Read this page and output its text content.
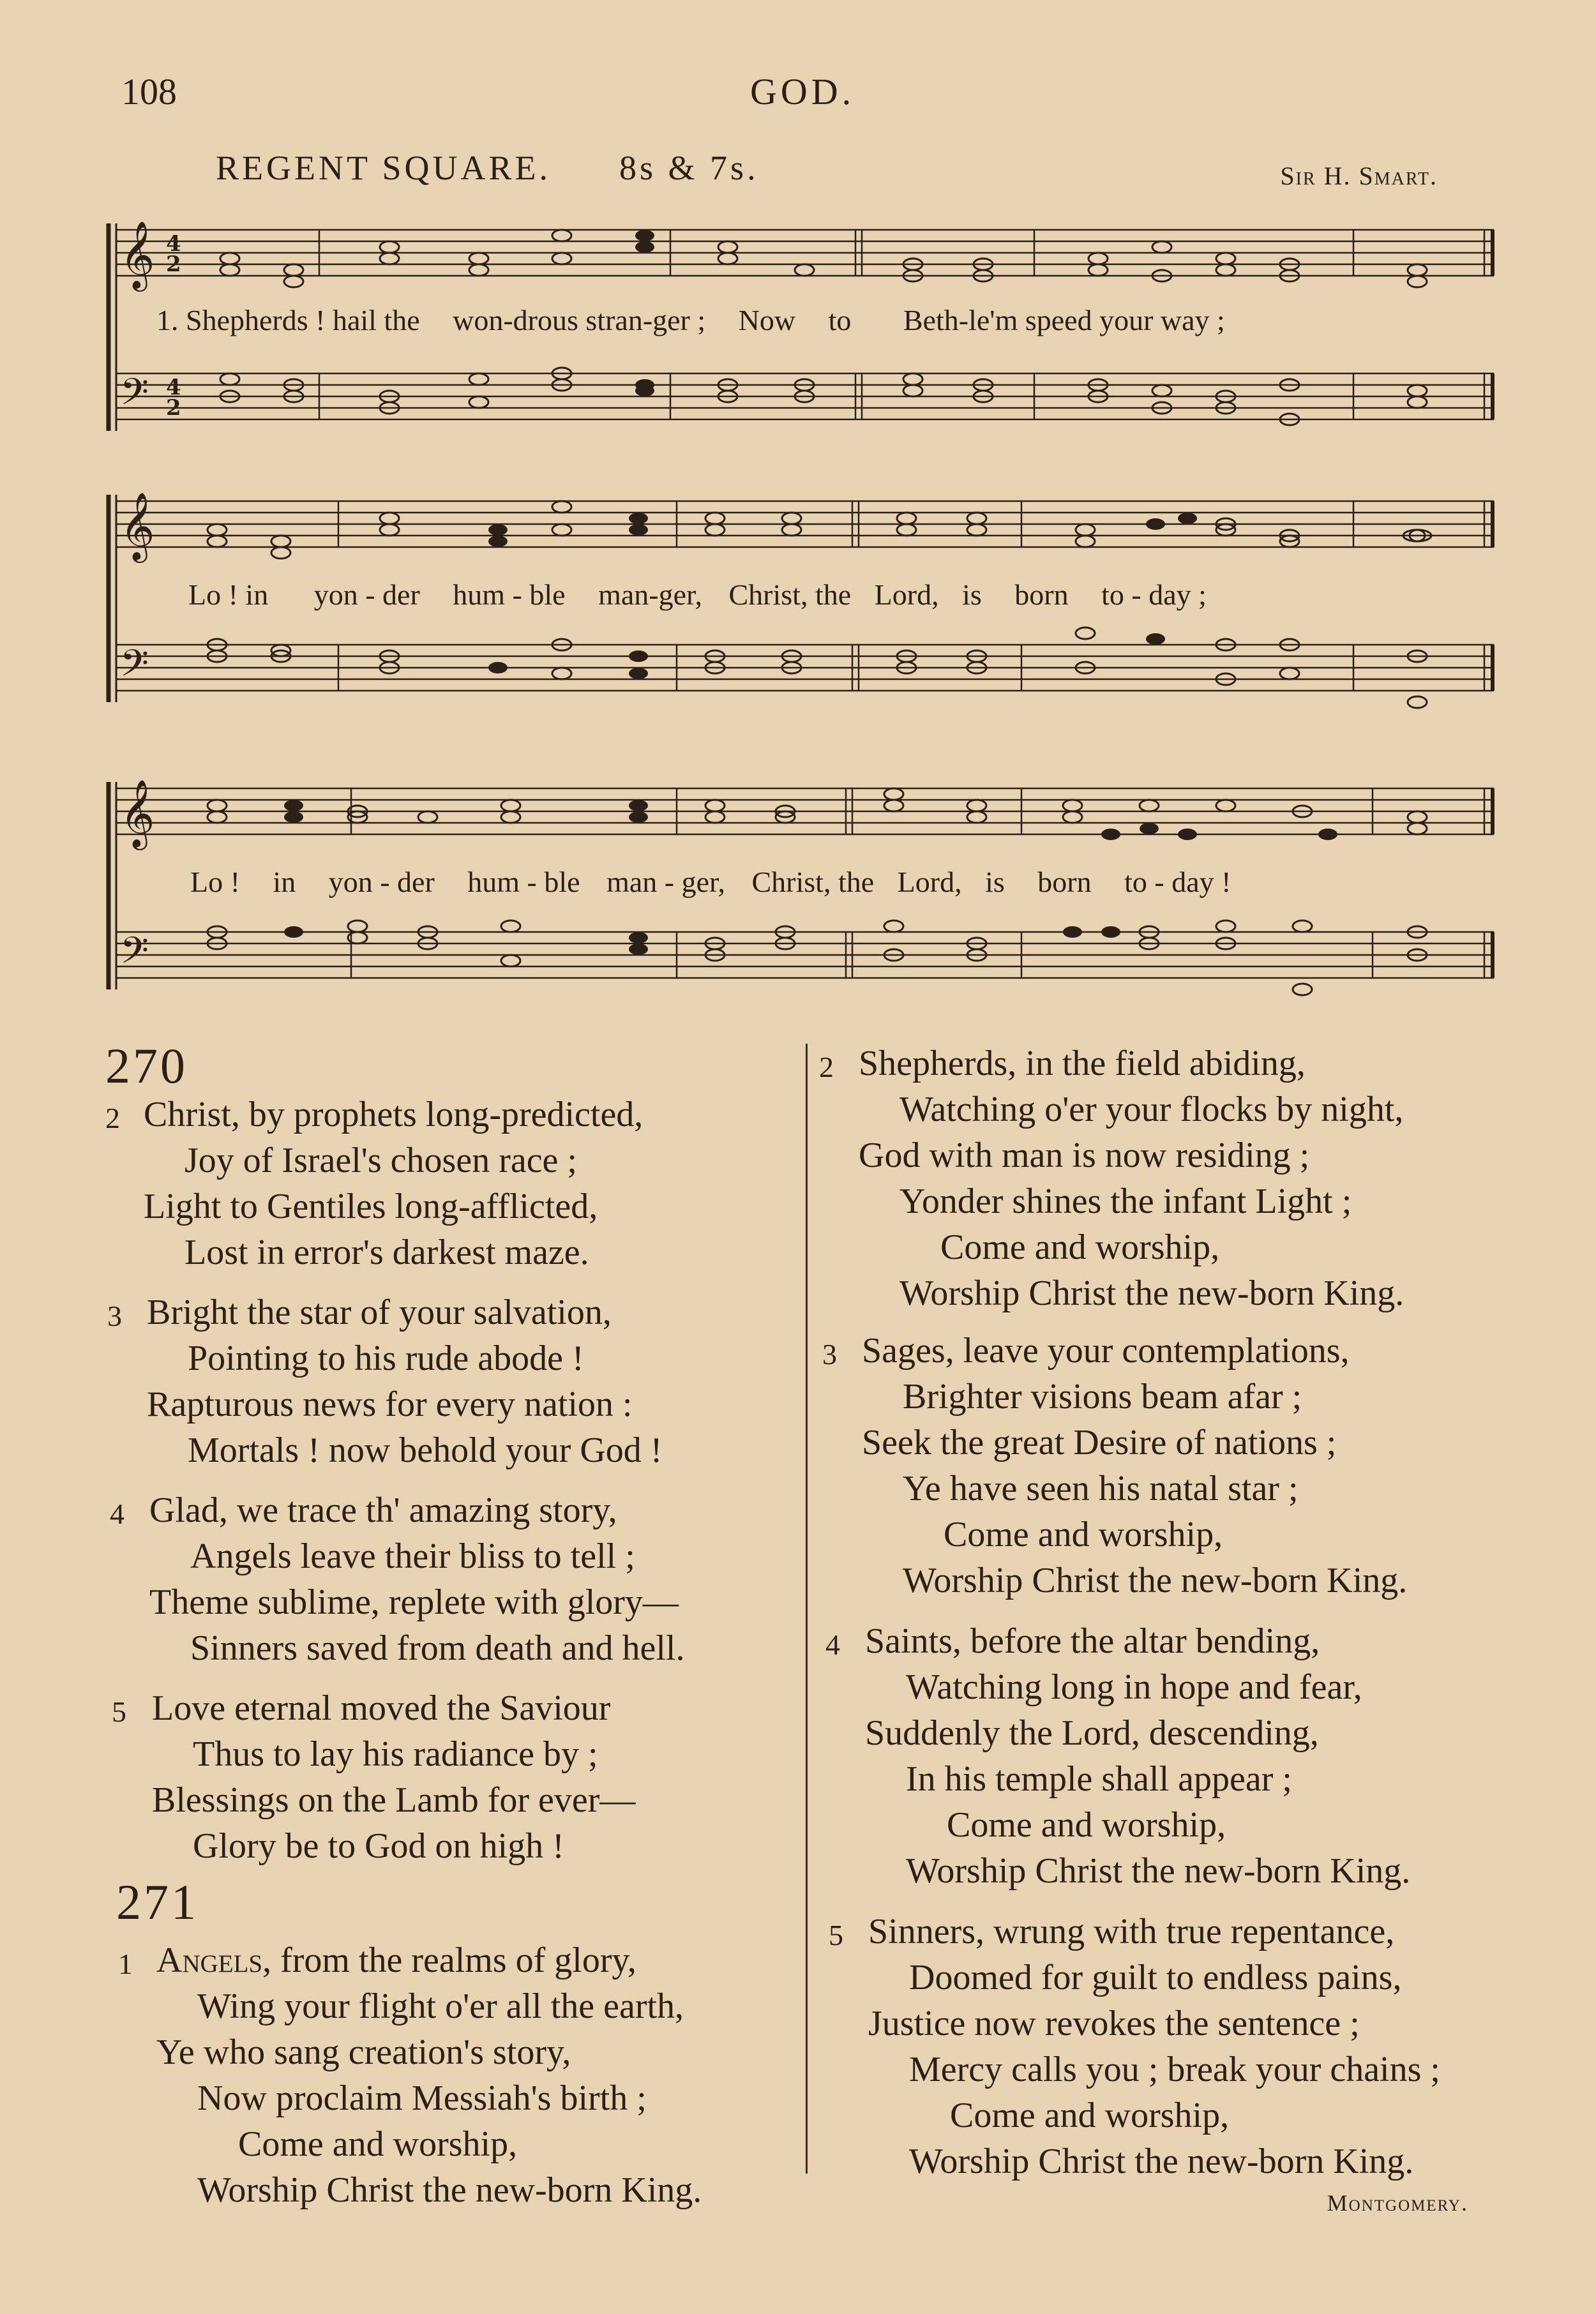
108	GOD.
REGENT SQUARE. 8s & 7s.	Sir H. Smart.
𝄞
𝄢
4
2
4
2
1. Shepherds ! hail the won-drous stran-ger ; Now to Beth-le'm speed your way ;
𝄞
𝄢
Lo ! in yon - der hum - ble man-ger, Christ, the Lord, is born to - day ;
𝄞
𝄢
Lo ! in yon - der hum - ble man - ger, Christ, the Lord, is born to - day !
270
2 Christ, by prophets long-predicted,
Joy of Israel's chosen race ;
Light to Gentiles long-afflicted,
Lost in error's darkest maze.
3 Bright the star of your salvation,
Pointing to his rude abode !
Rapturous news for every nation :
Mortals ! now behold your God !
4 Glad, we trace th' amazing story,
Angels leave their bliss to tell ;
Theme sublime, replete with glory—
Sinners saved from death and hell.
5 Love eternal moved the Saviour
Thus to lay his radiance by ;
Blessings on the Lamb for ever—
Glory be to God on high !
271
1 Angels, from the realms of glory,
Wing your flight o'er all the earth,
Ye who sang creation's story,
Now proclaim Messiah's birth ;
Come and worship,
Worship Christ the new-born King.
2 Shepherds, in the field abiding,
Watching o'er your flocks by night,
God with man is now residing ;
Yonder shines the infant Light ;
Come and worship,
Worship Christ the new-born King.
3 Sages, leave your contemplations,
Brighter visions beam afar ;
Seek the great Desire of nations ;
Ye have seen his natal star ;
Come and worship,
Worship Christ the new-born King.
4 Saints, before the altar bending,
Watching long in hope and fear,
Suddenly the Lord, descending,
In his temple shall appear ;
Come and worship,
Worship Christ the new-born King.
5 Sinners, wrung with true repentance,
Doomed for guilt to endless pains,
Justice now revokes the sentence ;
Mercy calls you ; break your chains ;
Come and worship,
Worship Christ the new-born King.
Montgomery.
